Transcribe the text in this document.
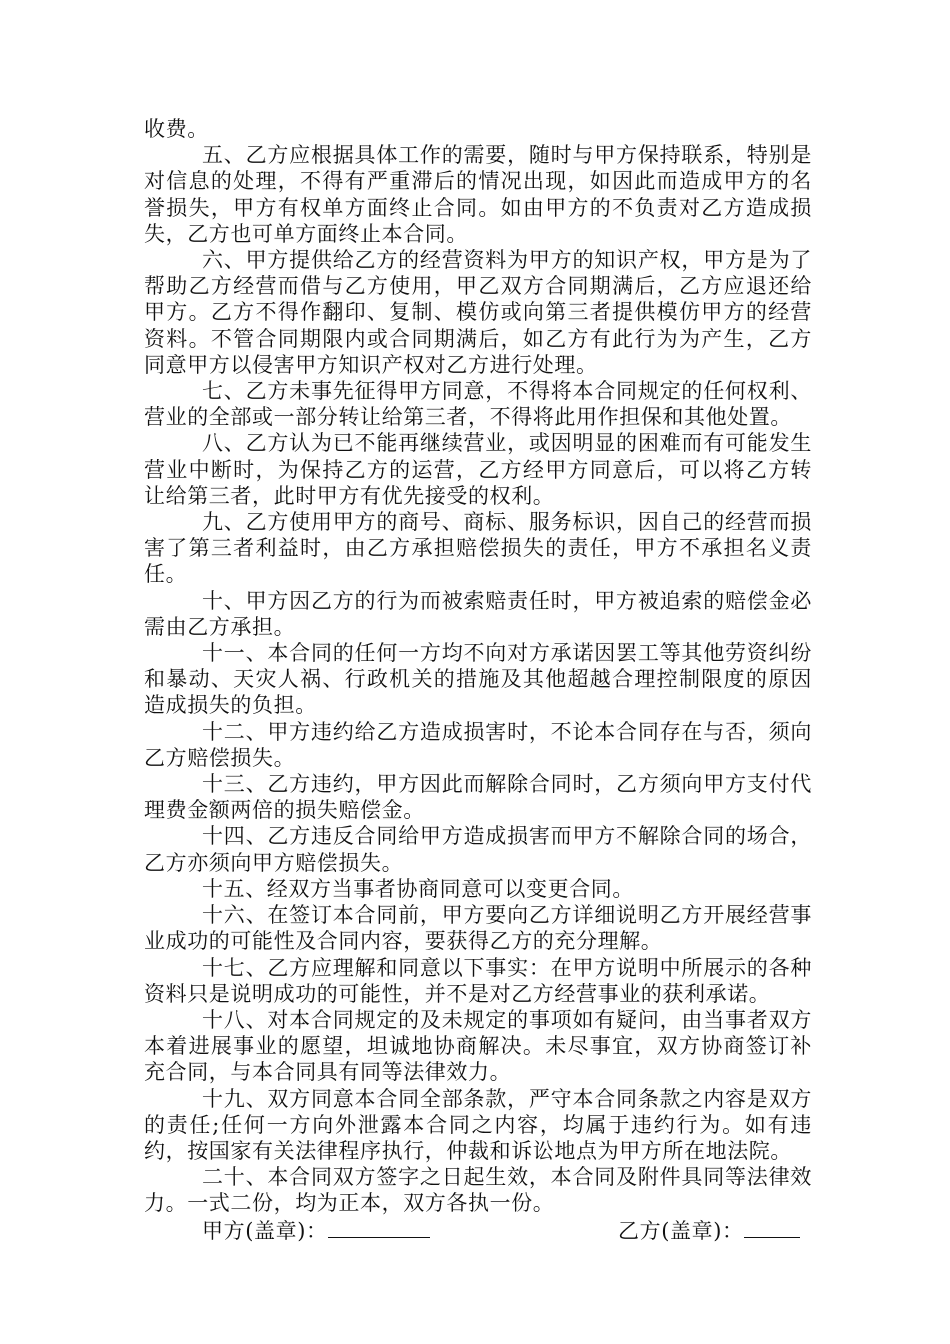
收费。

五、乙方应根据具体工作的需要，随时与甲方保持联系，特别是对信息的处理，不得有严重滞后的情况出现，如因此而造成甲方的名誉损失，甲方有权单方面终止合同。如由甲方的不负责对乙方造成损失，乙方也可单方面终止本合同。

六、甲方提供给乙方的经营资料为甲方的知识产权，甲方是为了帮助乙方经营而借与乙方使用，甲乙双方合同期满后，乙方应退还给甲方。乙方不得作翻印、复制、模仿或向第三者提供模仿甲方的经营资料。不管合同期限内或合同期满后，如乙方有此行为为产生，乙方同意甲方以侵害甲方知识产权对乙方进行处理。

七、乙方未事先征得甲方同意，不得将本合同规定的任何权利、营业的全部或一部分转让给第三者，不得将此用作担保和其他处置。

八、乙方认为已不能再继续营业，或因明显的困难而有可能发生营业中断时，为保持乙方的运营，乙方经甲方同意后，可以将乙方转让给第三者，此时甲方有优先接受的权利。

九、乙方使用甲方的商号、商标、服务标识，因自己的经营而损害了第三者利益时，由乙方承担赔偿损失的责任，甲方不承担名义责任。

十、甲方因乙方的行为而被索赔责任时，甲方被追索的赔偿金必需由乙方承担。

十一、本合同的任何一方均不向对方承诺因罢工等其他劳资纠纷和暴动、天灾人祸、行政机关的措施及其他超越合理控制限度的原因造成损失的负担。

十二、甲方违约给乙方造成损害时，不论本合同存在与否，须向乙方赔偿损失。

十三、乙方违约，甲方因此而解除合同时，乙方须向甲方支付代理费金额两倍的损失赔偿金。

十四、乙方违反合同给甲方造成损害而甲方不解除合同的场合，乙方亦须向甲方赔偿损失。

十五、经双方当事者协商同意可以变更合同。

十六、在签订本合同前，甲方要向乙方详细说明乙方开展经营事业成功的可能性及合同内容，要获得乙方的充分理解。

十七、乙方应理解和同意以下事实：在甲方说明中所展示的各种资料只是说明成功的可能性，并不是对乙方经营事业的获利承诺。

十八、对本合同规定的及未规定的事项如有疑问，由当事者双方本着进展事业的愿望，坦诚地协商解决。未尽事宜，双方协商签订补充合同，与本合同具有同等法律效力。

十九、双方同意本合同全部条款，严守本合同条款之内容是双方的责任;任何一方向外泄露本合同之内容，均属于违约行为。如有违约，按国家有关法律程序执行，仲裁和诉讼地点为甲方所在地法院。

二十、本合同双方签字之日起生效，本合同及附件具同等法律效力。一式二份，均为正本，双方各执一份。

甲方(盖章)：	乙方(盖章)：
